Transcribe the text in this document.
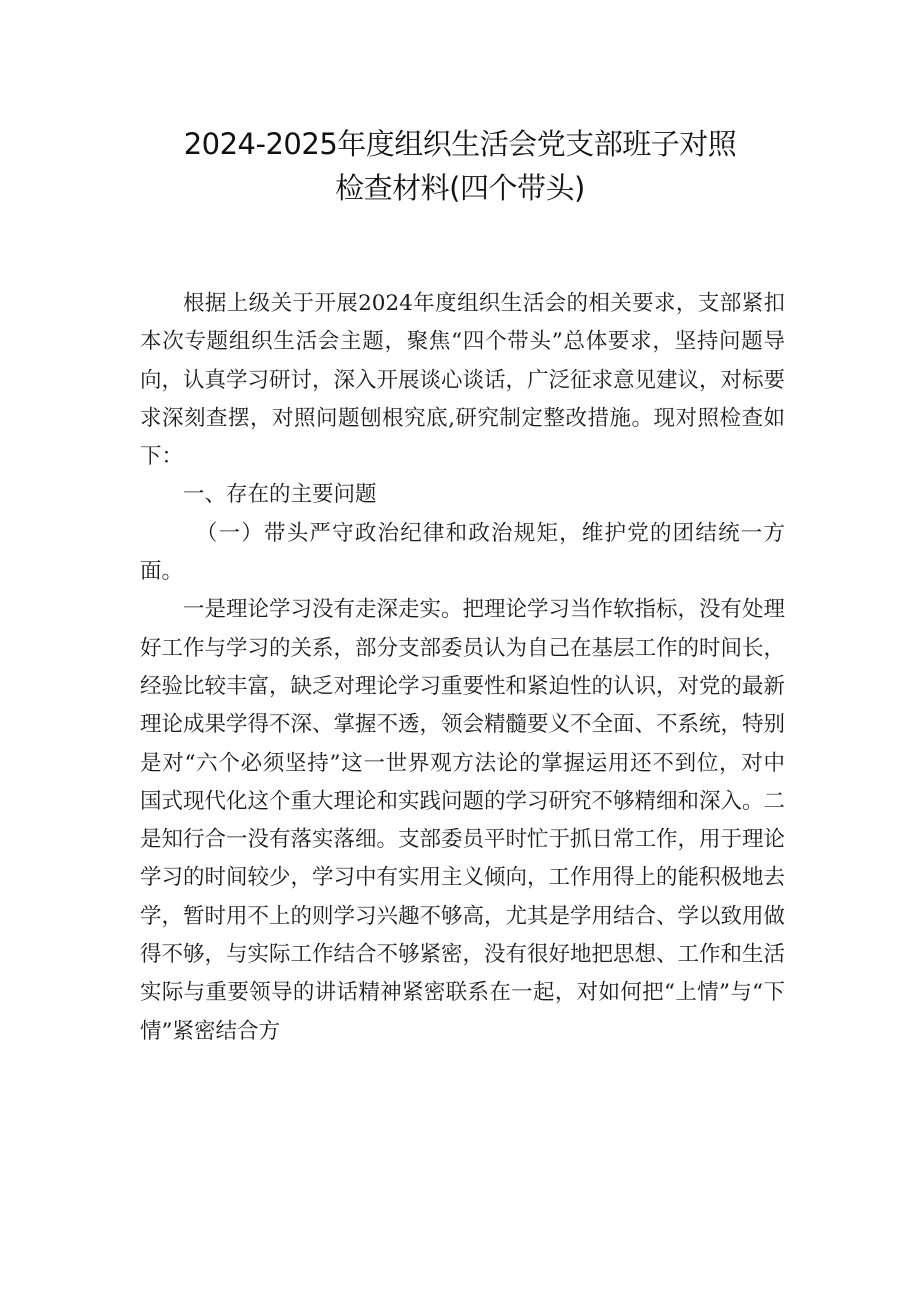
2024-2025年度组织生活会党支部班子对照
检查材料(四个带头)

根据上级关于开展2024年度组织生活会的相关要求，支部紧扣本次专题组织生活会主题，聚焦“四个带头”总体要求，坚持问题导向，认真学习研讨，深入开展谈心谈话，广泛征求意见建议，对标要求深刻查摆，对照问题刨根究底,研究制定整改措施。现对照检查如下：

一、存在的主要问题

（一）带头严守政治纪律和政治规矩，维护党的团结统一方面。

一是理论学习没有走深走实。把理论学习当作软指标，没有处理好工作与学习的关系，部分支部委员认为自己在基层工作的时间长，经验比较丰富，缺乏对理论学习重要性和紧迫性的认识，对党的最新理论成果学得不深、掌握不透，领会精髓要义不全面、不系统，特别是对“六个必须坚持”这一世界观方法论的掌握运用还不到位，对中国式现代化这个重大理论和实践问题的学习研究不够精细和深入。二是知行合一没有落实落细。支部委员平时忙于抓日常工作，用于理论学习的时间较少，学习中有实用主义倾向，工作用得上的能积极地去学，暂时用不上的则学习兴趣不够高，尤其是学用结合、学以致用做得不够，与实际工作结合不够紧密，没有很好地把思想、工作和生活实际与重要领导的讲话精神紧密联系在一起，对如何把“上情”与“下情”紧密结合方
